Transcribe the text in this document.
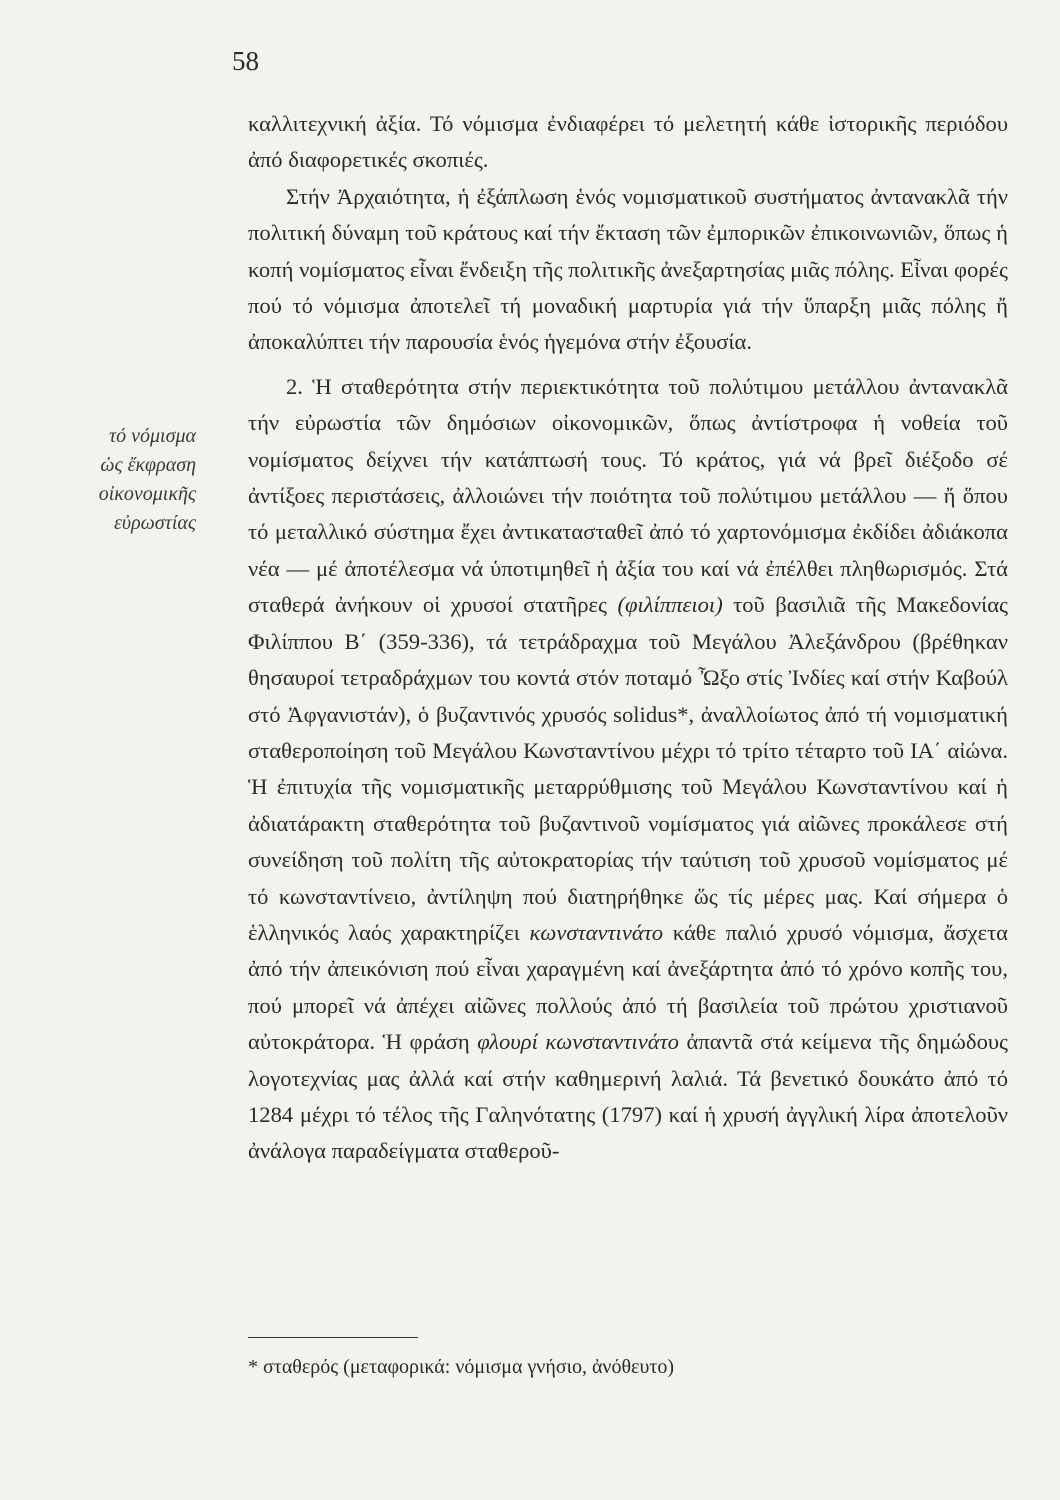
58
τό νόμισμα
ὡς ἔκφραση
οἰκονομικῆς
εὐρωστίας

καλλιτεχνική ἀξία. Τό νόμισμα ἐνδιαφέρει τό μελετητή κάθε ἱστορικῆς περιόδου ἀπό διαφορετικές σκοπιές.

Στήν Ἀρχαιότητα, ἡ ἐξάπλωση ἑνός νομισματικοῦ συστήματος ἀντανακλᾶ τήν πολιτική δύναμη τοῦ κράτους καί τήν ἔκταση τῶν ἐμπορικῶν ἐπικοινωνιῶν, ὅπως ἡ κοπή νομίσματος εἶναι ἔνδειξη τῆς πολιτικῆς ἀνεξαρτησίας μιᾶς πόλης. Εἶναι φορές πού τό νόμισμα ἀποτελεῖ τή μοναδική μαρτυρία γιά τήν ὕπαρξη μιᾶς πόλης ἤ ἀποκαλύπτει τήν παρουσία ἑνός ἡγεμόνα στήν ἐξουσία.

2. Ἡ σταθερότητα στήν περιεκτικότητα τοῦ πολύτιμου μετάλλου ἀντανακλᾶ τήν εὐρωστία τῶν δημόσιων οἰκονομικῶν, ὅπως ἀντίστροφα ἡ νοθεία τοῦ νομίσματος δείχνει τήν κατάπτωσή τους. Τό κράτος, γιά νά βρεῖ διέξοδο σέ ἀντίξοες περιστάσεις, ἀλλοιώνει τήν ποιότητα τοῦ πολύτιμου μετάλλου — ἤ ὅπου τό μεταλλικό σύστημα ἔχει ἀντικατασταθεῖ ἀπό τό χαρτονόμισμα ἐκδίδει ἀδιάκοπα νέα — μέ ἀποτέλεσμα νά ὑποτιμηθεῖ ἡ ἀξία του καί νά ἐπέλθει πληθωρισμός. Στά σταθερά ἀνήκουν οἱ χρυσοί στατῆρες (φιλίππειοι) τοῦ βασιλιᾶ τῆς Μακεδονίας Φιλίππου Β΄ (359-336), τά τετράδραχμα τοῦ Μεγάλου Ἀλεξάνδρου (βρέθηκαν θησαυροί τετραδράχμων του κοντά στόν ποταμό Ὦξο στίς Ἰνδίες καί στήν Καβούλ στό Ἀφγανιστάν), ὁ βυζαντινός χρυσός solidus*, ἀναλλοίωτος ἀπό τή νομισματική σταθεροποίηση τοῦ Μεγάλου Κωνσταντίνου μέχρι τό τρίτο τέταρτο τοῦ ΙΑ΄ αἰώνα. Ἡ ἐπιτυχία τῆς νομισματικῆς μεταρρύθμισης τοῦ Μεγάλου Κωνσταντίνου καί ἡ ἀδιατάρακτη σταθερότητα τοῦ βυζαντινοῦ νομίσματος γιά αἰῶνες προκάλεσε στή συνείδηση τοῦ πολίτη τῆς αὐτοκρατορίας τήν ταύτιση τοῦ χρυσοῦ νομίσματος μέ τό κωνσταντίνειο, ἀντίληψη πού διατηρήθηκε ὥς τίς μέρες μας. Καί σήμερα ὁ ἑλληνικός λαός χαρακτηρίζει κωνσταντινάτο κάθε παλιό χρυσό νόμισμα, ἄσχετα ἀπό τήν ἀπεικόνιση πού εἶναι χαραγμένη καί ἀνεξάρτητα ἀπό τό χρόνο κοπῆς του, πού μπορεῖ νά ἀπέχει αἰῶνες πολλούς ἀπό τή βασιλεία τοῦ πρώτου χριστιανοῦ αὐτοκράτορα. Ἡ φράση φλουρί κωνσταντινάτο ἀπαντᾶ στά κείμενα τῆς δημώδους λογοτεχνίας μας ἀλλά καί στήν καθημερινή λαλιά. Τά βενετικό δουκάτο ἀπό τό 1284 μέχρι τό τέλος τῆς Γαληνότατης (1797) καί ἡ χρυσή ἀγγλική λίρα ἀποτελοῦν ἀνάλογα παραδείγματα σταθεροῦ-

* σταθερός (μεταφορικά: νόμισμα γνήσιο, ἀνόθευτο)
